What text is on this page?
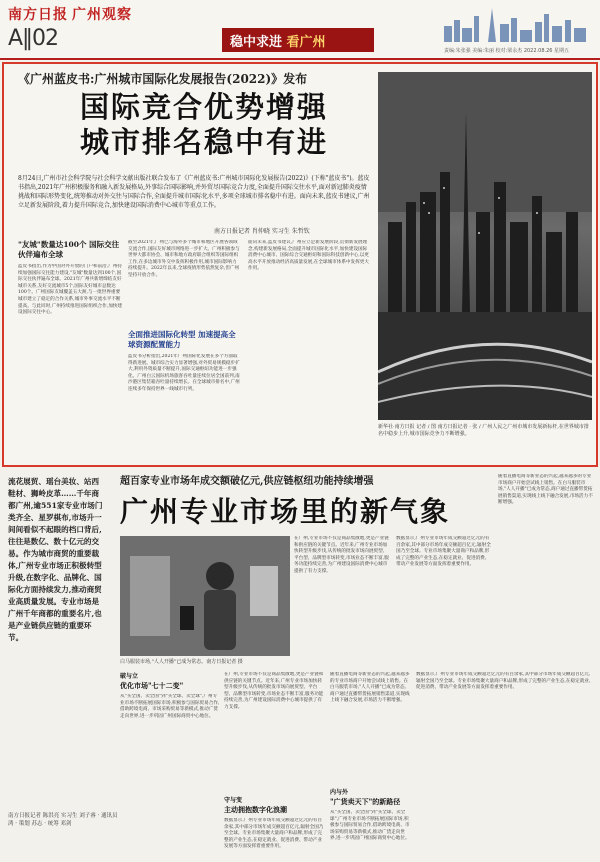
南方日报 广州观察
A‖02	稳中求进 看广州
责编:朱张强 美编:朱丽 校对:梁永杰 2022.08.26 星期五
《广州蓝皮书:广州城市国际化发展报告(2022)》发布
国际竞合优势增强
城市排名稳中有进
新华社·南方日报 记者 / 图 南方日报记者 · 张 / 广州人民之广州市城市发展新标杆,在世界城市排名中稳步上升,城市国际竞争力不断增强。
8月24日,广州市社会科学院与社会科学文献出版社联合发布了《广州蓝皮书:广州城市国际化发展报告(2022)》(下称"蓝皮书")。蓝皮书指出,2021年广州积极服务和融入新发展格局,外事综合国际影响,并外贸尽国际竞合力度,全面提升国际交往水平,面对新冠肺炎疫情挑战和国际形势变化,统筹推动对外交往与国际合作,全面提升城市国际化水平,多项全球城市排名稳中有进。面向未来,蓝皮书建议,广州立足新发展阶段,着力提升国际竞合,加快建设国际消费中心城市等重点工作。
南方日报记者 肖仲晓 实习生 朱哲钦
"友城"数量达100个 国际交往伙伴遍布全球
蓝皮书指出,作为中国对外开放的门户和前沿,广州持续加强国际交往能力建设,"友城"数量达到100个,国际交往伙伴遍布全球。2021年广州共新增缔结友好城市关系,友好交流城市5个,国际友好城市总数达100个。广州国际友城覆盖五大洲,与一批世界重要城市建立了稳定的合作关系,城市外事交流水平不断提高。与此同时,广州持续推进国际组织合作,加快建设国际交往中心。
截至2021年,广州已与海外多个城市和地区开展各领域交流合作,国际友好城市网络进一步扩大。广州积极参与世界大都市协会、城市和地方政府联合组织等国际组织工作,在多边城市外交中发挥积极作用,城市国际影响力持续提升。2022年以来,全球疫情形势依然复杂,但广州坚持开放合作。
全面推进国际化转型 加速提高全球资源配置能力
蓝皮书分析指出,2021年广州国际化发展在多个方面取得新进展。城市综合实力显著增强,对外贸易规模稳步扩大,利用外资质量不断提升,国际交通枢纽功能进一步强化。广州白云国际机场旅客吞吐量连续位居全国前列,南沙港区集装箱吞吐量持续增长。在全球城市排名中,广州连续多年保持世界一线城市行列。
面向未来,蓝皮书建议,广州应立足新发展阶段,贯彻新发展理念,构建新发展格局,全面提升城市国际化水平,加快建设国际消费中心城市、国际综合交通枢纽和国际科技创新中心,以更高水平开放推动经济高质量发展,在全球城市体系中发挥更大作用。
流花展贸、瑶台美妆、站西鞋材、狮岭皮革……千年商都广州,逾551家专业市场门类齐全、星罗棋布,市场升一间间看似不起眼的档口背后,往往是数亿、数十亿元的交易。作为城市商贸的重要载体,广州专业市场正积极转型升级,在数字化、品牌化、国际化方面持续发力,推动商贸业高质量发展。专业市场是广州千年商都的重要名片,也是产业链供应链的重要环节。
南方日报记者 陈洪亮 实习生 刘子睿 · 通讯员 鸿 · 策划 苏志 · 统筹 邓剑
超百家专业市场年成交额破亿元,供应链枢纽功能持续增强
广州专业市场里的新气象
白马服装市场,"人人开播"已成为常态。南方日报记者 摄
在广州,专业市场不仅是商品集散地,更是产业链和供应链的关键节点。近年来,广州专业市场加快转型升级步伐,从传统的批发市场向展贸型、平台型、品牌型市场转变,市场业态不断丰富,服务功能持续完善,为广州建设国际消费中心城市提供了有力支撑。
数据显示,广州专业市场年成交额超过亿元的有百余家,其中部分市场年成交额超百亿元,辐射全国乃至全球。专业市场集聚大量商户和品牌,形成了完整的产业生态,在稳定就业、促进消费、带动产业发展等方面发挥着重要作用。
随着直播电商等新业态的兴起,越来越多的专业市场商户开始尝试线上销售。在白马服装市场,"人人开播"已成为常态,商户通过直播带货拓展销售渠道,实现线上线下融合发展,市场活力不断增强。
破与立
优化市场"七十二变"
从"买全国、卖全国"到"买全球、卖全球",广州专业市场不断拓展国际市场,积极参与国际贸易合作,借助跨境电商、市场采购贸易等新模式,推动广货走向世界,进一步巩固广州国际商贸中心地位。
在广州,专业市场不仅是商品集散地,更是产业链和供应链的关键节点。近年来,广州专业市场加快转型升级步伐,从传统的批发市场向展贸型、平台型、品牌型市场转变,市场业态不断丰富,服务功能持续完善,为广州建设国际消费中心城市提供了有力支撑。
守与变
主动拥抱数字化浪潮
数据显示,广州专业市场年成交额超过亿元的有百余家,其中部分市场年成交额超百亿元,辐射全国乃至全球。专业市场集聚大量商户和品牌,形成了完整的产业生态,在稳定就业、促进消费、带动产业发展等方面发挥着重要作用。
随着直播电商等新业态的兴起,越来越多的专业市场商户开始尝试线上销售。在白马服装市场,"人人开播"已成为常态,商户通过直播带货拓展销售渠道,实现线上线下融合发展,市场活力不断增强。
内与外
"广货卖天下"的新路径
从"买全国、卖全国"到"买全球、卖全球",广州专业市场不断拓展国际市场,积极参与国际贸易合作,借助跨境电商、市场采购贸易等新模式,推动广货走向世界,进一步巩固广州国际商贸中心地位。
数据显示,广州专业市场年成交额超过亿元的有百余家,其中部分市场年成交额超百亿元,辐射全国乃至全球。专业市场集聚大量商户和品牌,形成了完整的产业生态,在稳定就业、促进消费、带动产业发展等方面发挥着重要作用。
